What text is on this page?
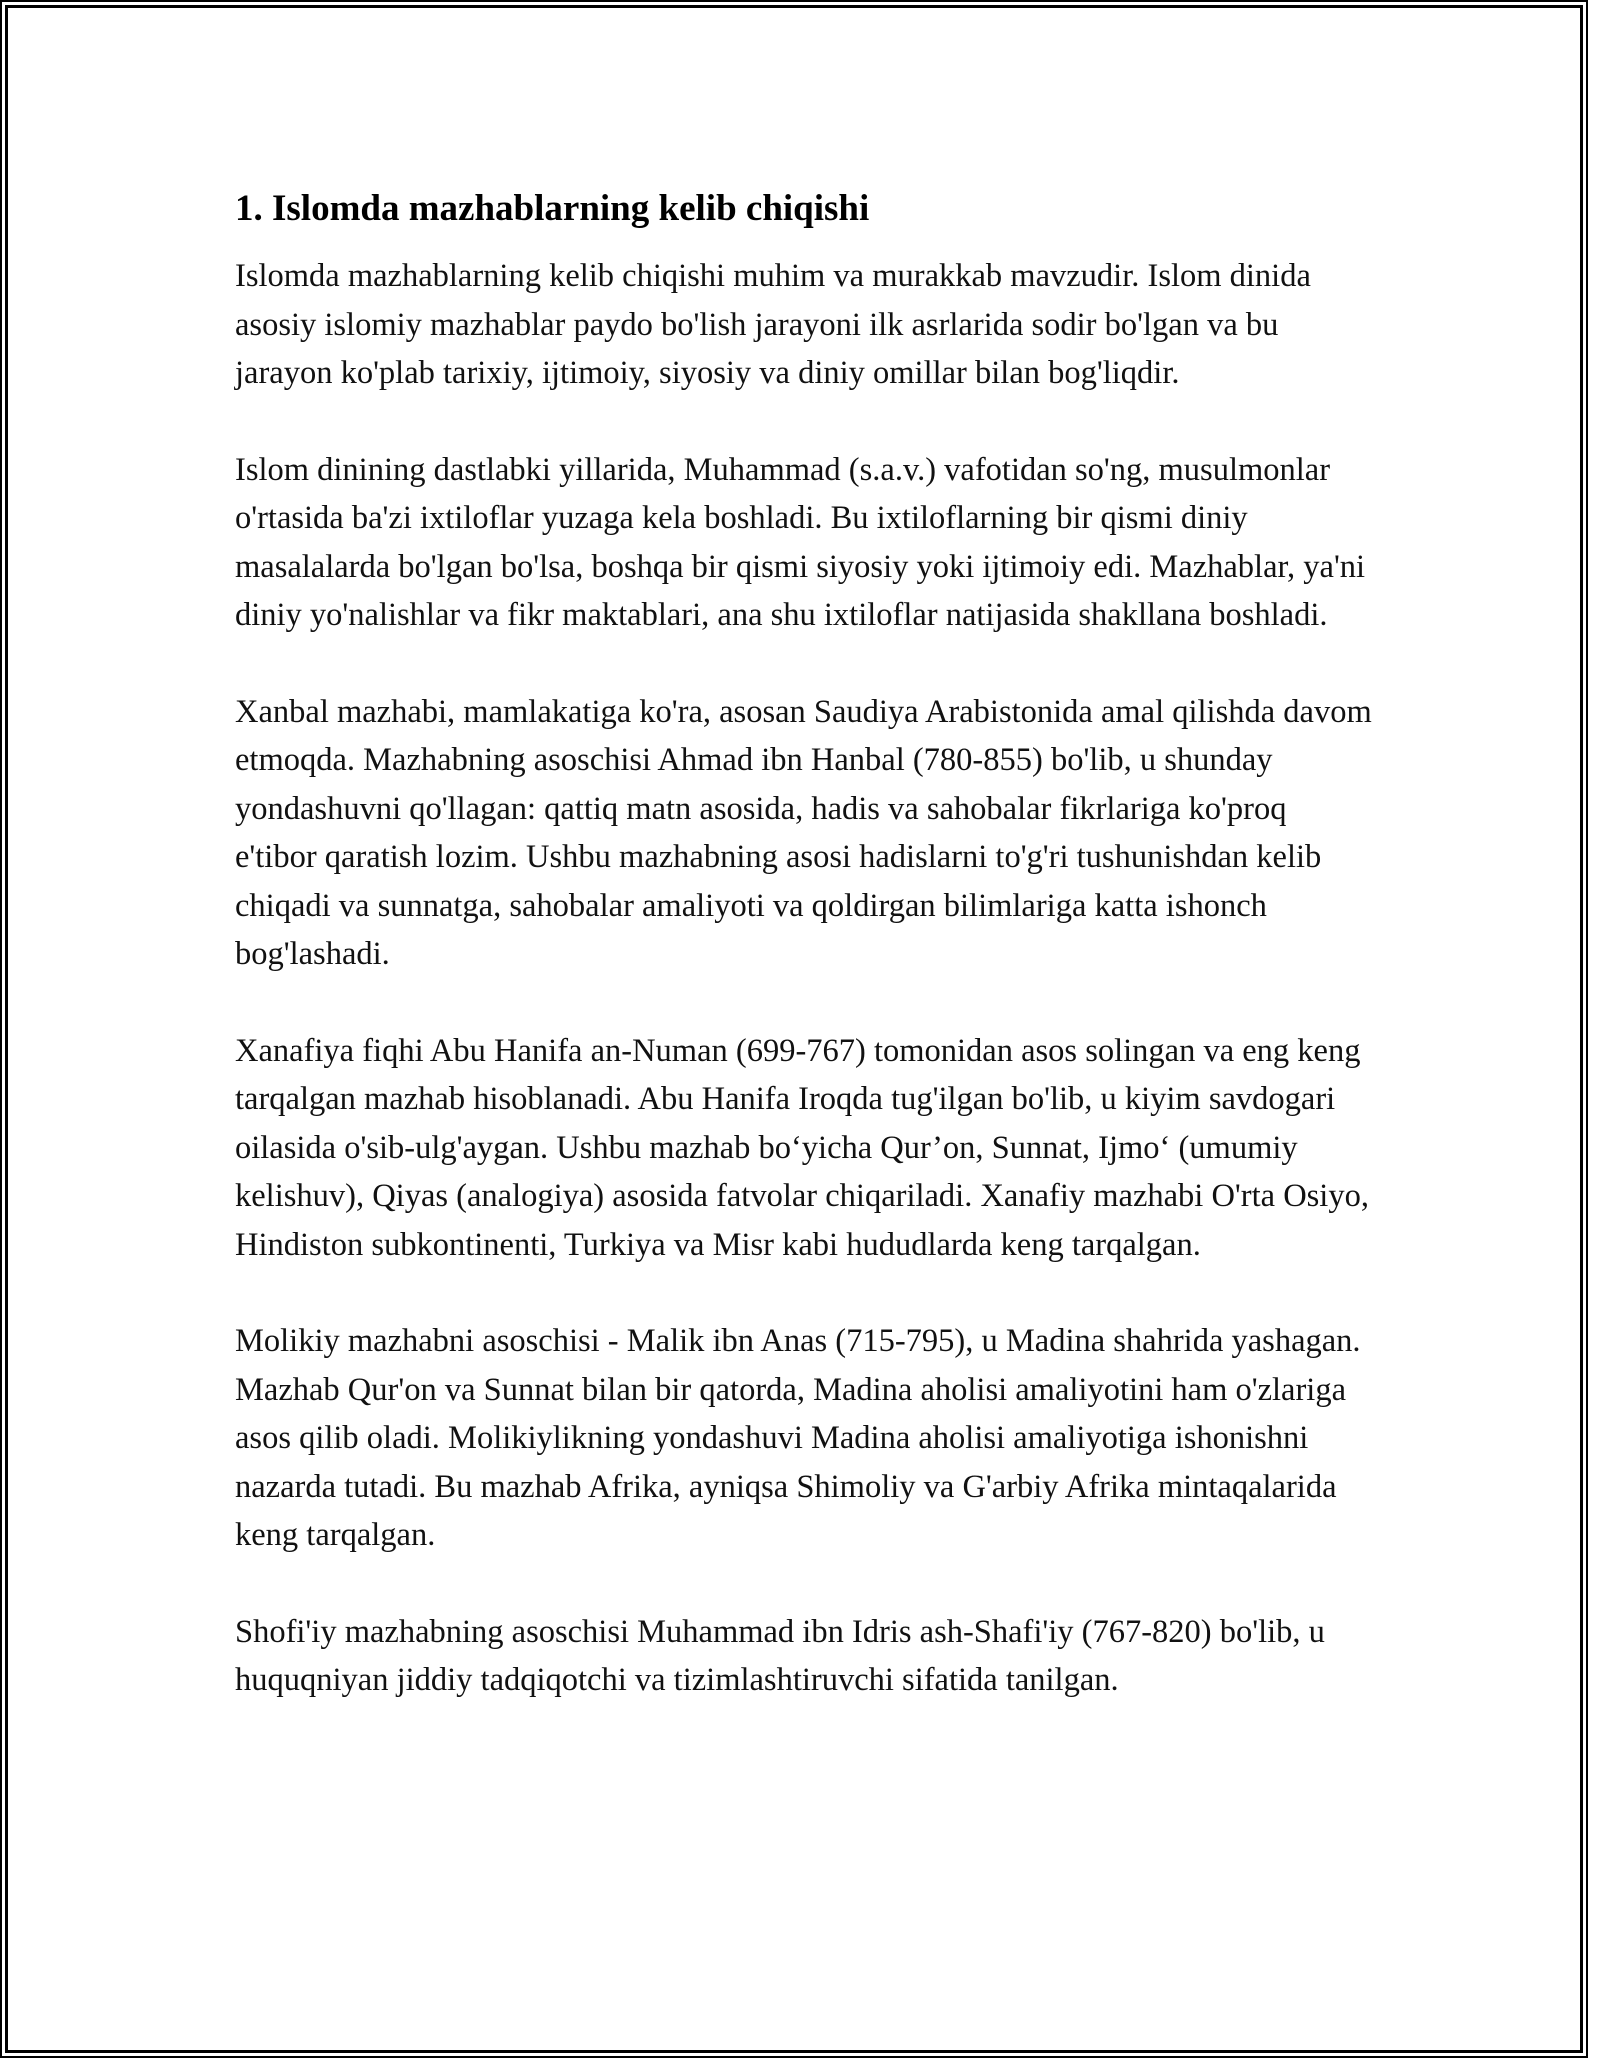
1. Islomda mazhablarning kelib chiqishi

Islomda mazhablarning kelib chiqishi muhim va murakkab mavzudir. Islom dinida asosiy islomiy mazhablar paydo bo'lish jarayoni ilk asrlarida sodir bo'lgan va bu jarayon ko'plab tarixiy, ijtimoiy, siyosiy va diniy omillar bilan bog'liqdir.

Islom dinining dastlabki yillarida, Muhammad (s.a.v.) vafotidan so'ng, musulmonlar o'rtasida ba'zi ixtiloflar yuzaga kela boshladi. Bu ixtiloflarning bir qismi diniy masalalarda bo'lgan bo'lsa, boshqa bir qismi siyosiy yoki ijtimoiy edi. Mazhablar, ya'ni diniy yo'nalishlar va fikr maktablari, ana shu ixtiloflar natijasida shakllana boshladi.

Xanbal mazhabi, mamlakatiga ko'ra, asosan Saudiya Arabistonida amal qilishda davom etmoqda. Mazhabning asoschisi Ahmad ibn Hanbal (780-855) bo'lib, u shunday yondashuvni qo'llagan: qattiq matn asosida, hadis va sahobalar fikrlariga ko'proq e'tibor qaratish lozim. Ushbu mazhabning asosi hadislarni to'g'ri tushunishdan kelib chiqadi va sunnatga, sahobalar amaliyoti va qoldirgan bilimlariga katta ishonch bog'lashadi.

Xanafiya fiqhi Abu Hanifa an-Numan (699-767) tomonidan asos solingan va eng keng tarqalgan mazhab hisoblanadi. Abu Hanifa Iroqda tug'ilgan bo'lib, u kiyim savdogari oilasida o'sib-ulg'aygan. Ushbu mazhab bo‘yicha Qur’on, Sunnat, Ijmo‘ (umumiy kelishuv), Qiyas (analogiya) asosida fatvolar chiqariladi. Xanafiy mazhabi O'rta Osiyo, Hindiston subkontinenti, Turkiya va Misr kabi hududlarda keng tarqalgan.

Molikiy mazhabni asoschisi - Malik ibn Anas (715-795), u Madina shahrida yashagan. Mazhab Qur'on va Sunnat bilan bir qatorda, Madina aholisi amaliyotini ham o'zlariga asos qilib oladi. Molikiylikning yondashuvi Madina aholisi amaliyotiga ishonishni nazarda tutadi. Bu mazhab Afrika, ayniqsa Shimoliy va G'arbiy Afrika mintaqalarida keng tarqalgan.

Shofi'iy mazhabning asoschisi Muhammad ibn Idris ash-Shafi'iy (767-820) bo'lib, u huquqniyan jiddiy tadqiqotchi va tizimlashtiruvchi sifatida tanilgan.
